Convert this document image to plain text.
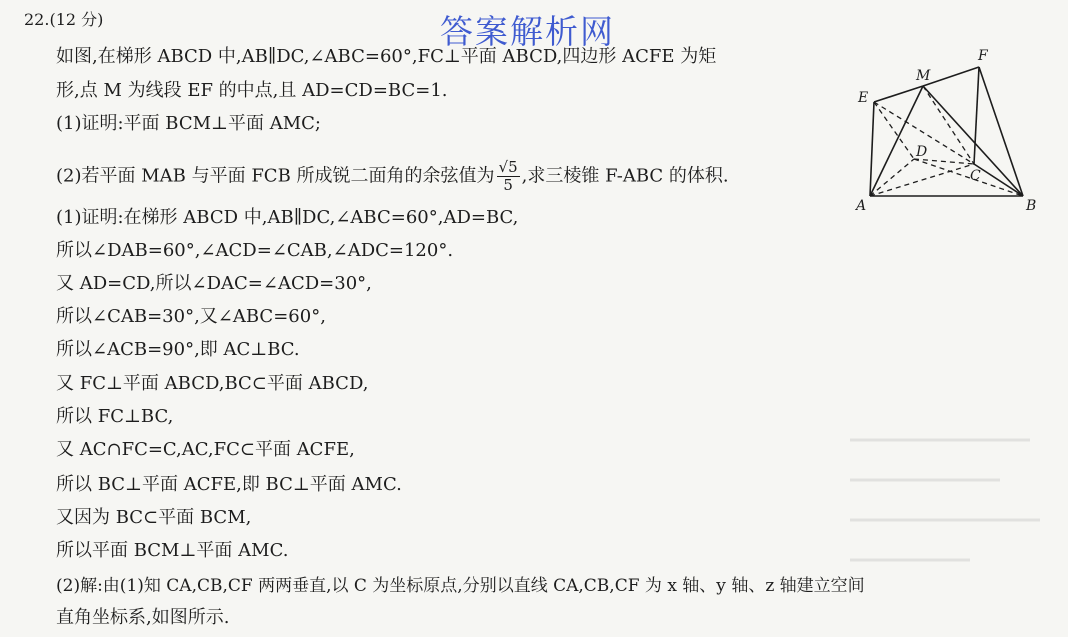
22.(12 分)	答案解析网
如图,在梯形 ABCD 中,AB∥DC,∠ABC=60°,FC⊥平面 ABCD,四边形 ACFE 为矩
形,点 M 为线段 EF 的中点,且 AD=CD=BC=1.
(1)证明:平面 BCM⊥平面 AMC;
(2)若平面 MAB 与平面 FCB 所成锐二面角的余弦值为 $\frac{√5}{5}$ ,求三棱锥 F-ABC 的体积.
(1)证明:在梯形 ABCD 中,AB∥DC,∠ABC=60°,AD=BC,
所以∠DAB=60°,∠ACD=∠CAB,∠ADC=120°.
又 AD=CD,所以∠DAC=∠ACD=30°,
所以∠CAB=30°,又∠ABC=60°,
所以∠ACB=90°,即 AC⊥BC.
又 FC⊥平面 ABCD,BC⊂平面 ABCD,
所以 FC⊥BC,
又 AC∩FC=C,AC,FC⊂平面 ACFE,
所以 BC⊥平面 ACFE,即 BC⊥平面 AMC.
又因为 BC⊂平面 BCM,
所以平面 BCM⊥平面 AMC.
(2)解:由(1)知 CA,CB,CF 两两垂直,以 C 为坐标原点,分别以直线 CA,CB,CF 为 x 轴、y 轴、z 轴建立空间
直角坐标系,如图所示.
E
M
F
D
C
A	B
